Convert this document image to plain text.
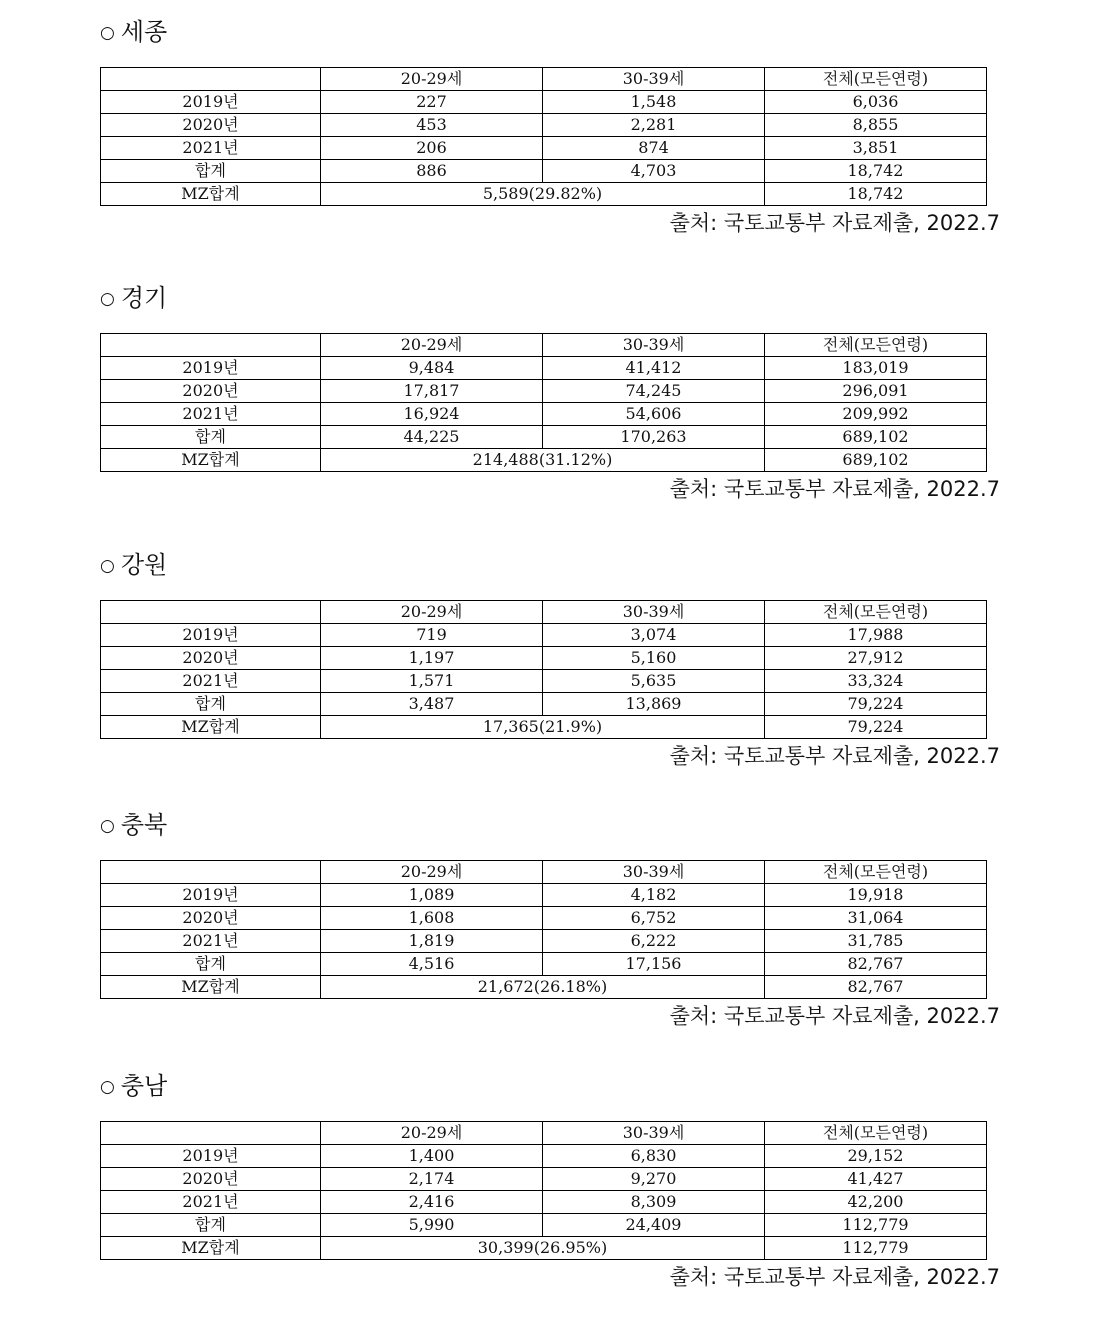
○ 세종
	20-29세	30-39세	전체(모든연령)
2019년	227	1,548	6,036
2020년	453	2,281	8,855
2021년	206	874	3,851
합계	886	4,703	18,742
MZ합계	5,589(29.82%)		18,742
출처: 국토교통부 자료제출, 2022.7
○ 경기
	20-29세	30-39세	전체(모든연령)
2019년	9,484	41,412	183,019
2020년	17,817	74,245	296,091
2021년	16,924	54,606	209,992
합계	44,225	170,263	689,102
MZ합계	214,488(31.12%)		689,102
출처: 국토교통부 자료제출, 2022.7
○ 강원
	20-29세	30-39세	전체(모든연령)
2019년	719	3,074	17,988
2020년	1,197	5,160	27,912
2021년	1,571	5,635	33,324
합계	3,487	13,869	79,224
MZ합계	17,365(21.9%)		79,224
출처: 국토교통부 자료제출, 2022.7
○ 충북
	20-29세	30-39세	전체(모든연령)
2019년	1,089	4,182	19,918
2020년	1,608	6,752	31,064
2021년	1,819	6,222	31,785
합계	4,516	17,156	82,767
MZ합계	21,672(26.18%)		82,767
출처: 국토교통부 자료제출, 2022.7
○ 충남
	20-29세	30-39세	전체(모든연령)
2019년	1,400	6,830	29,152
2020년	2,174	9,270	41,427
2021년	2,416	8,309	42,200
합계	5,990	24,409	112,779
MZ합계	30,399(26.95%)		112,779
출처: 국토교통부 자료제출, 2022.7
